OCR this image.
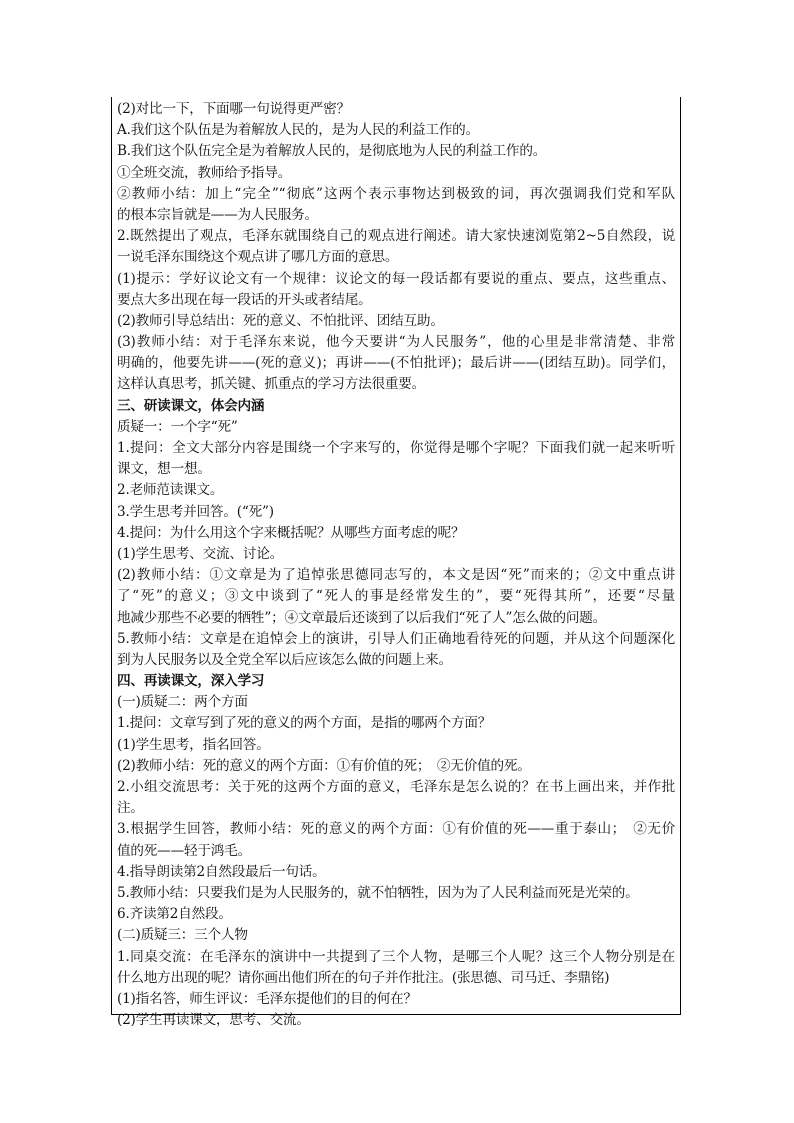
(2)对比一下，下面哪一句说得更严密？
A.我们这个队伍是为着解放人民的，是为人民的利益工作的。
B.我们这个队伍完全是为着解放人民的，是彻底地为人民的利益工作的。
①全班交流，教师给予指导。
②教师小结：加上“完全”“彻底”这两个表示事物达到极致的词，再次强调我们党和军队
的根本宗旨就是——为人民服务。
2.既然提出了观点，毛泽东就围绕自己的观点进行阐述。请大家快速浏览第2~5自然段，说
一说毛泽东围绕这个观点讲了哪几方面的意思。
(1)提示：学好议论文有一个规律：议论文的每一段话都有要说的重点、要点，这些重点、
要点大多出现在每一段话的开头或者结尾。
(2)教师引导总结出：死的意义、不怕批评、团结互助。
(3)教师小结：对于毛泽东来说，他今天要讲“为人民服务”，他的心里是非常清楚、非常
明确的，他要先讲——(死的意义)；再讲——(不怕批评)；最后讲——(团结互助)。同学们，
这样认真思考，抓关键、抓重点的学习方法很重要。
三、研读课文，体会内涵
质疑一：一个字“死”
1.提问：全文大部分内容是围绕一个字来写的，你觉得是哪个字呢？下面我们就一起来听听
课文，想一想。
2.老师范读课文。
3.学生思考并回答。(“死”)
4.提问：为什么用这个字来概括呢？从哪些方面考虑的呢？
(1)学生思考、交流、讨论。
(2)教师小结：①文章是为了追悼张思德同志写的，本文是因“死”而来的；②文中重点讲
了“死”的意义；③文中谈到了“死人的事是经常发生的”，要“死得其所”，还要“尽量
地减少那些不必要的牺牲”；④文章最后还谈到了以后我们“死了人”怎么做的问题。
5.教师小结：文章是在追悼会上的演讲，引导人们正确地看待死的问题，并从这个问题深化
到为人民服务以及全党全军以后应该怎么做的问题上来。
四、再读课文，深入学习
(一)质疑二：两个方面
1.提问：文章写到了死的意义的两个方面，是指的哪两个方面？
(1)学生思考，指名回答。
(2)教师小结：死的意义的两个方面：①有价值的死；　②无价值的死。
2.小组交流思考：关于死的这两个方面的意义，毛泽东是怎么说的？在书上画出来，并作批
注。
3.根据学生回答，教师小结：死的意义的两个方面：①有价值的死——重于泰山；　②无价
值的死——轻于鸿毛。
4.指导朗读第2自然段最后一句话。
5.教师小结：只要我们是为人民服务的，就不怕牺牲，因为为了人民利益而死是光荣的。
6.齐读第2自然段。
(二)质疑三：三个人物
1.同桌交流：在毛泽东的演讲中一共提到了三个人物，是哪三个人呢？这三个人物分别是在
什么地方出现的呢？请你画出他们所在的句子并作批注。(张思德、司马迁、李鼎铭)
(1)指名答，师生评议：毛泽东提他们的目的何在？
(2)学生再读课文，思考、交流。
